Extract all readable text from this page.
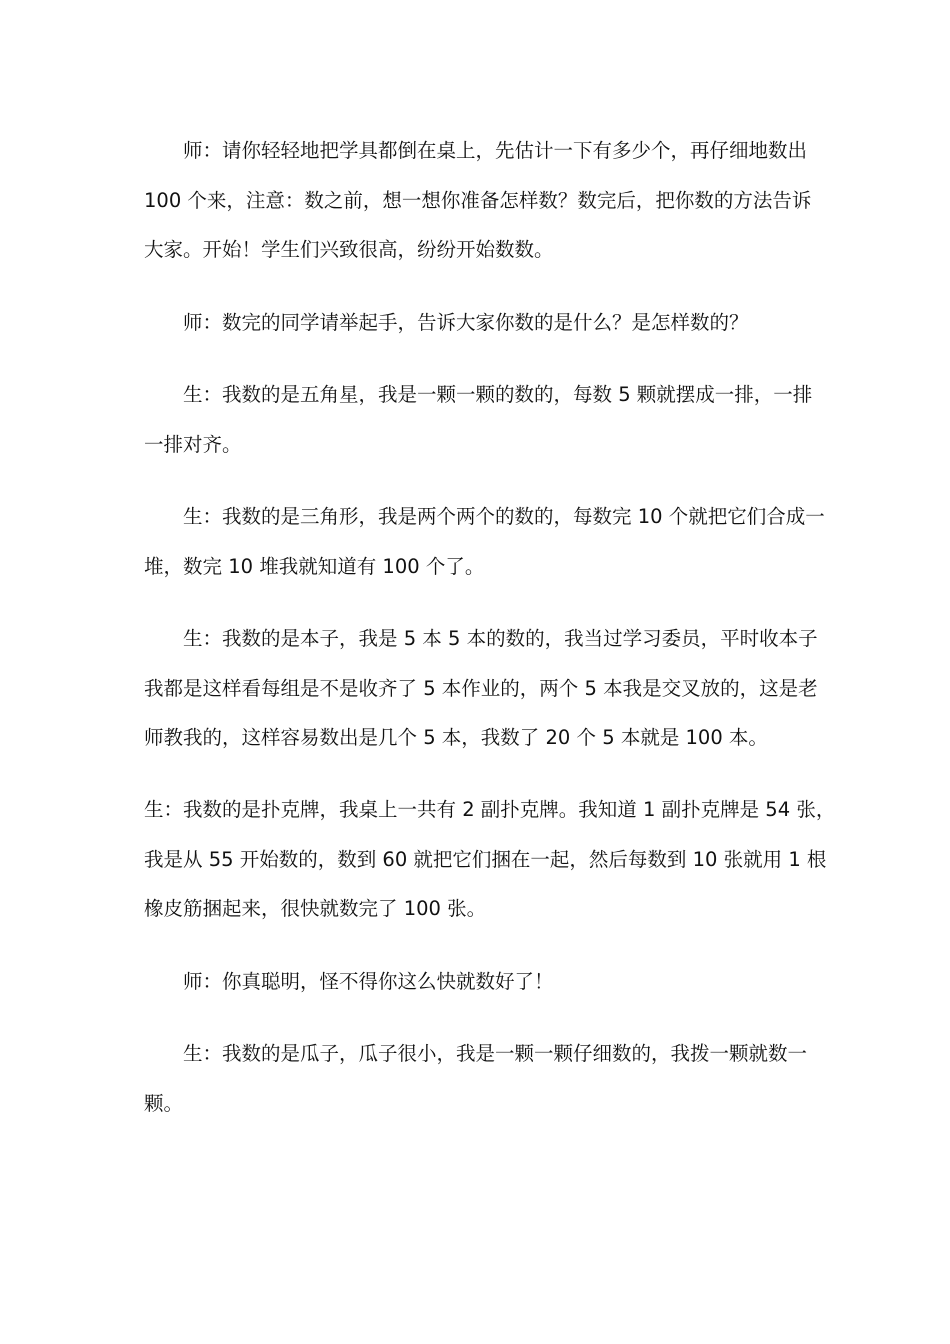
师：请你轻轻地把学具都倒在桌上，先估计一下有多少个，再仔细地数出
100 个来，注意：数之前，想一想你准备怎样数？数完后，把你数的方法告诉
大家。开始！学生们兴致很高，纷纷开始数数。
师：数完的同学请举起手，告诉大家你数的是什么？是怎样数的？
生：我数的是五角星，我是一颗一颗的数的，每数 5 颗就摆成一排，一排
一排对齐。
生：我数的是三角形，我是两个两个的数的，每数完 10 个就把它们合成一
堆，数完 10 堆我就知道有 100 个了。
生：我数的是本子，我是 5 本 5 本的数的，我当过学习委员，平时收本子
我都是这样看每组是不是收齐了 5 本作业的，两个 5 本我是交叉放的，这是老
师教我的，这样容易数出是几个 5 本，我数了 20 个 5 本就是 100 本。
生：我数的是扑克牌，我桌上一共有 2 副扑克牌。我知道 1 副扑克牌是 54 张，
我是从 55 开始数的，数到 60 就把它们捆在一起，然后每数到 10 张就用 1 根
橡皮筋捆起来，很快就数完了 100 张。
师：你真聪明，怪不得你这么快就数好了！
生：我数的是瓜子，瓜子很小，我是一颗一颗仔细数的，我拨一颗就数一
颗。
